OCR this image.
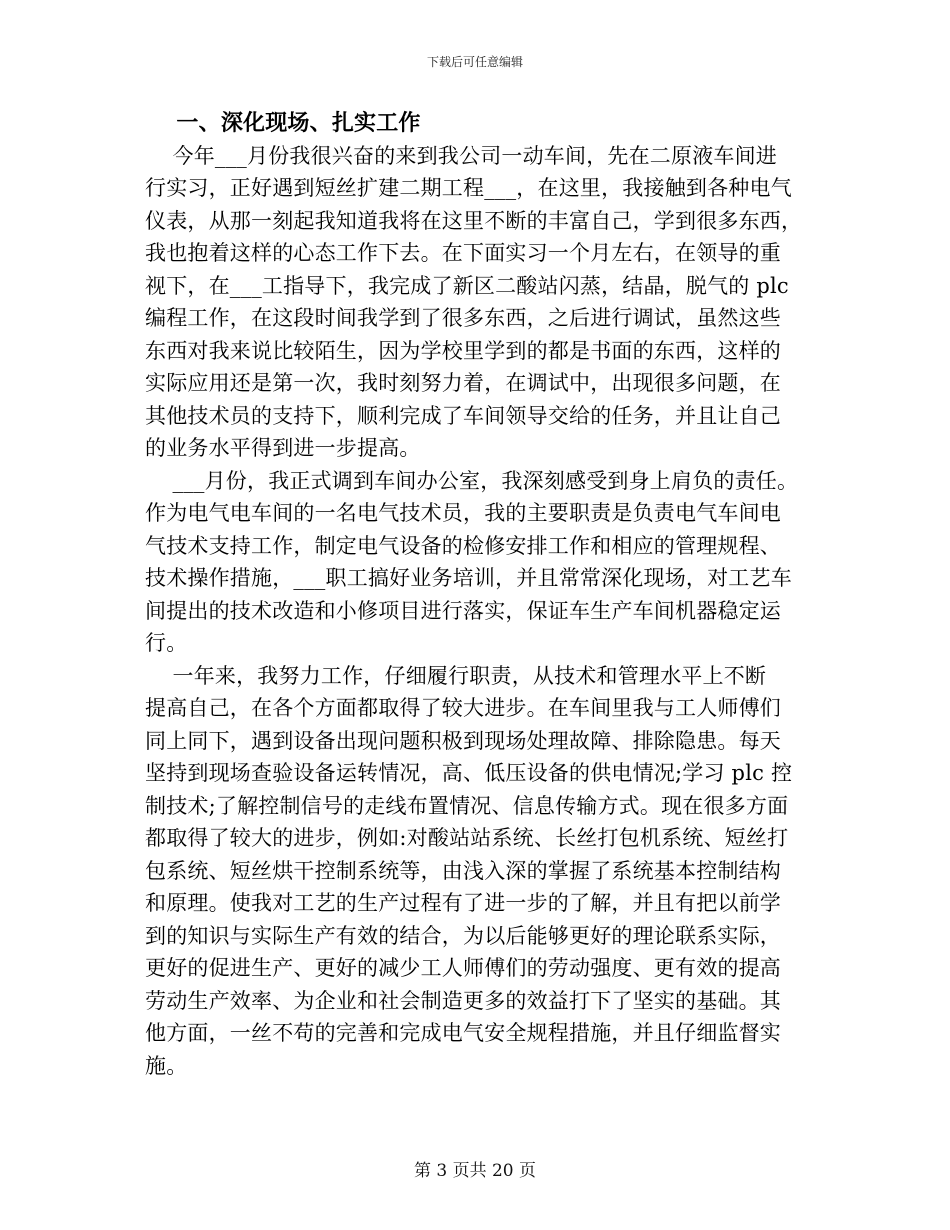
下载后可任意编辑
一、深化现场、扎实工作
今年___月份我很兴奋的来到我公司一动车间，先在二原液车间进
行实习，正好遇到短丝扩建二期工程___，在这里，我接触到各种电气
仪表，从那一刻起我知道我将在这里不断的丰富自己，学到很多东西，
我也抱着这样的心态工作下去。在下面实习一个月左右，在领导的重
视下，在___工指导下，我完成了新区二酸站闪蒸，结晶，脱气的 plc
编程工作，在这段时间我学到了很多东西，之后进行调试，虽然这些
东西对我来说比较陌生，因为学校里学到的都是书面的东西，这样的
实际应用还是第一次，我时刻努力着，在调试中，出现很多问题，在
其他技术员的支持下，顺利完成了车间领导交给的任务，并且让自己
的业务水平得到进一步提高。
___月份，我正式调到车间办公室，我深刻感受到身上肩负的责任。
作为电气电车间的一名电气技术员，我的主要职责是负责电气车间电
气技术支持工作，制定电气设备的检修安排工作和相应的管理规程、
技术操作措施，___职工搞好业务培训，并且常常深化现场，对工艺车
间提出的技术改造和小修项目进行落实，保证车生产车间机器稳定运
行。
一年来，我努力工作，仔细履行职责，从技术和管理水平上不断
提高自己，在各个方面都取得了较大进步。在车间里我与工人师傅们
同上同下，遇到设备出现问题积极到现场处理故障、排除隐患。每天
坚持到现场查验设备运转情况，高、低压设备的供电情况;学习 plc 控
制技术;了解控制信号的走线布置情况、信息传输方式。现在很多方面
都取得了较大的进步，例如:对酸站站系统、长丝打包机系统、短丝打
包系统、短丝烘干控制系统等，由浅入深的掌握了系统基本控制结构
和原理。使我对工艺的生产过程有了进一步的了解，并且有把以前学
到的知识与实际生产有效的结合，为以后能够更好的理论联系实际，
更好的促进生产、更好的减少工人师傅们的劳动强度、更有效的提高
劳动生产效率、为企业和社会制造更多的效益打下了坚实的基础。其
他方面，一丝不苟的完善和完成电气安全规程措施，并且仔细监督实
施。
第 3 页共 20 页
